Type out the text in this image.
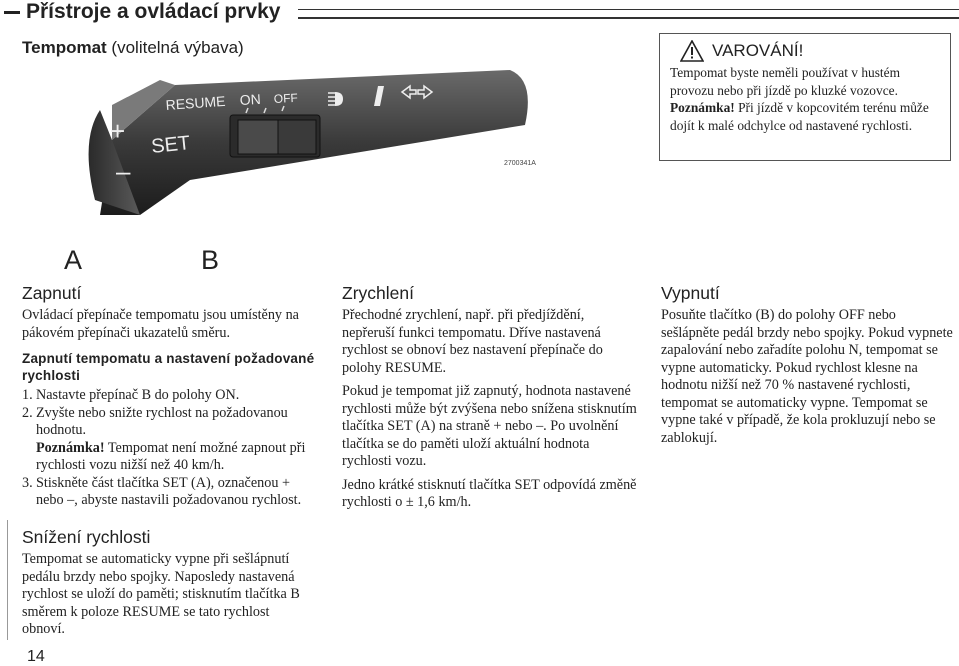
Přístroje a ovládací prvky
Tempomat (volitelná výbava)
RESUME ON OFF
SET
+
–	2700341A
A	B
VAROVÁNÍ!
Tempomat byste neměli používat v hustém provozu nebo při jízdě po kluzké vozovce. Poznámka! Při jízdě v kopcovitém terénu může dojít k malé odchylce od nastavené rychlosti.
Zapnutí

Ovládací přepínače tempomatu jsou umístěny na pákovém přepínači ukazatelů směru.

Zapnutí tempomatu a nastavení požadované rychlosti
1. Nastavte přepínač B do polohy ON.
2. Zvyšte nebo snižte rychlost na požadovanou hodnotu.
Poznámka! Tempomat není možné zapnout při rychlosti vozu nižší než 40 km/h.
3. Stiskněte část tlačítka SET (A), označenou + nebo –, abyste nastavili požadovanou rychlost.
Snížení rychlosti

Tempomat se automaticky vypne při sešlápnutí pedálu brzdy nebo spojky. Naposledy nastavená rychlost se uloží do paměti; stisknutím tlačítka B směrem k poloze RESUME se tato rychlost obnoví.

Zrychlení

Přechodné zrychlení, např. při předjíždění, nepřeruší funkci tempomatu. Dříve nastavená rychlost se obnoví bez nastavení přepínače do polohy RESUME.

Pokud je tempomat již zapnutý, hodnota nastavené rychlosti může být zvýšena nebo snížena stisknutím tlačítka SET (A) na straně + nebo –. Po uvolnění tlačítka se do paměti uloží aktuální hodnota rychlosti vozu.

Jedno krátké stisknutí tlačítka SET odpovídá změně rychlosti o ± 1,6 km/h.

Vypnutí

Posuňte tlačítko (B) do polohy OFF nebo sešlápněte pedál brzdy nebo spojky. Pokud vypnete zapalování nebo zařadíte polohu N, tempomat se vypne automaticky. Pokud rychlost klesne na hodnotu nižší než 70 % nastavené rychlosti, tempomat se automaticky vypne. Tempomat se vypne také v případě, že kola prokluzují nebo se zablokují.

14
